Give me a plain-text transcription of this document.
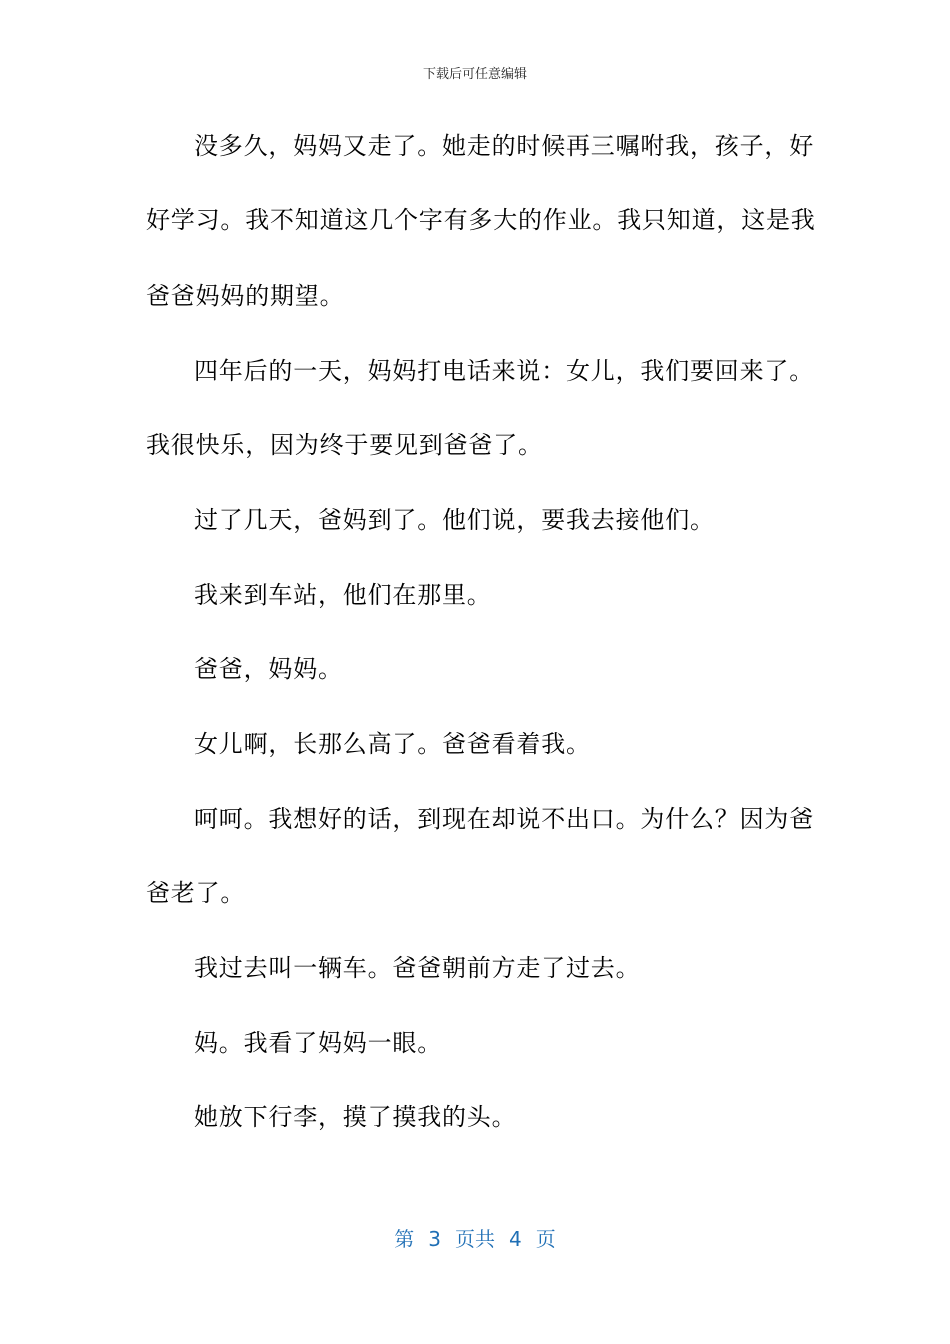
下载后可任意编辑
没多久，妈妈又走了。她走的时候再三嘱咐我，孩子，好
好学习。我不知道这几个字有多大的作业。我只知道，这是我
爸爸妈妈的期望。
四年后的一天，妈妈打电话来说：女儿，我们要回来了。
我很快乐，因为终于要见到爸爸了。
过了几天，爸妈到了。他们说，要我去接他们。
我来到车站，他们在那里。
爸爸，妈妈。
女儿啊，长那么高了。爸爸看着我。
呵呵。我想好的话，到现在却说不出口。为什么？因为爸
爸老了。
我过去叫一辆车。爸爸朝前方走了过去。
妈。我看了妈妈一眼。
她放下行李，摸了摸我的头。
第 3 页共 4 页
